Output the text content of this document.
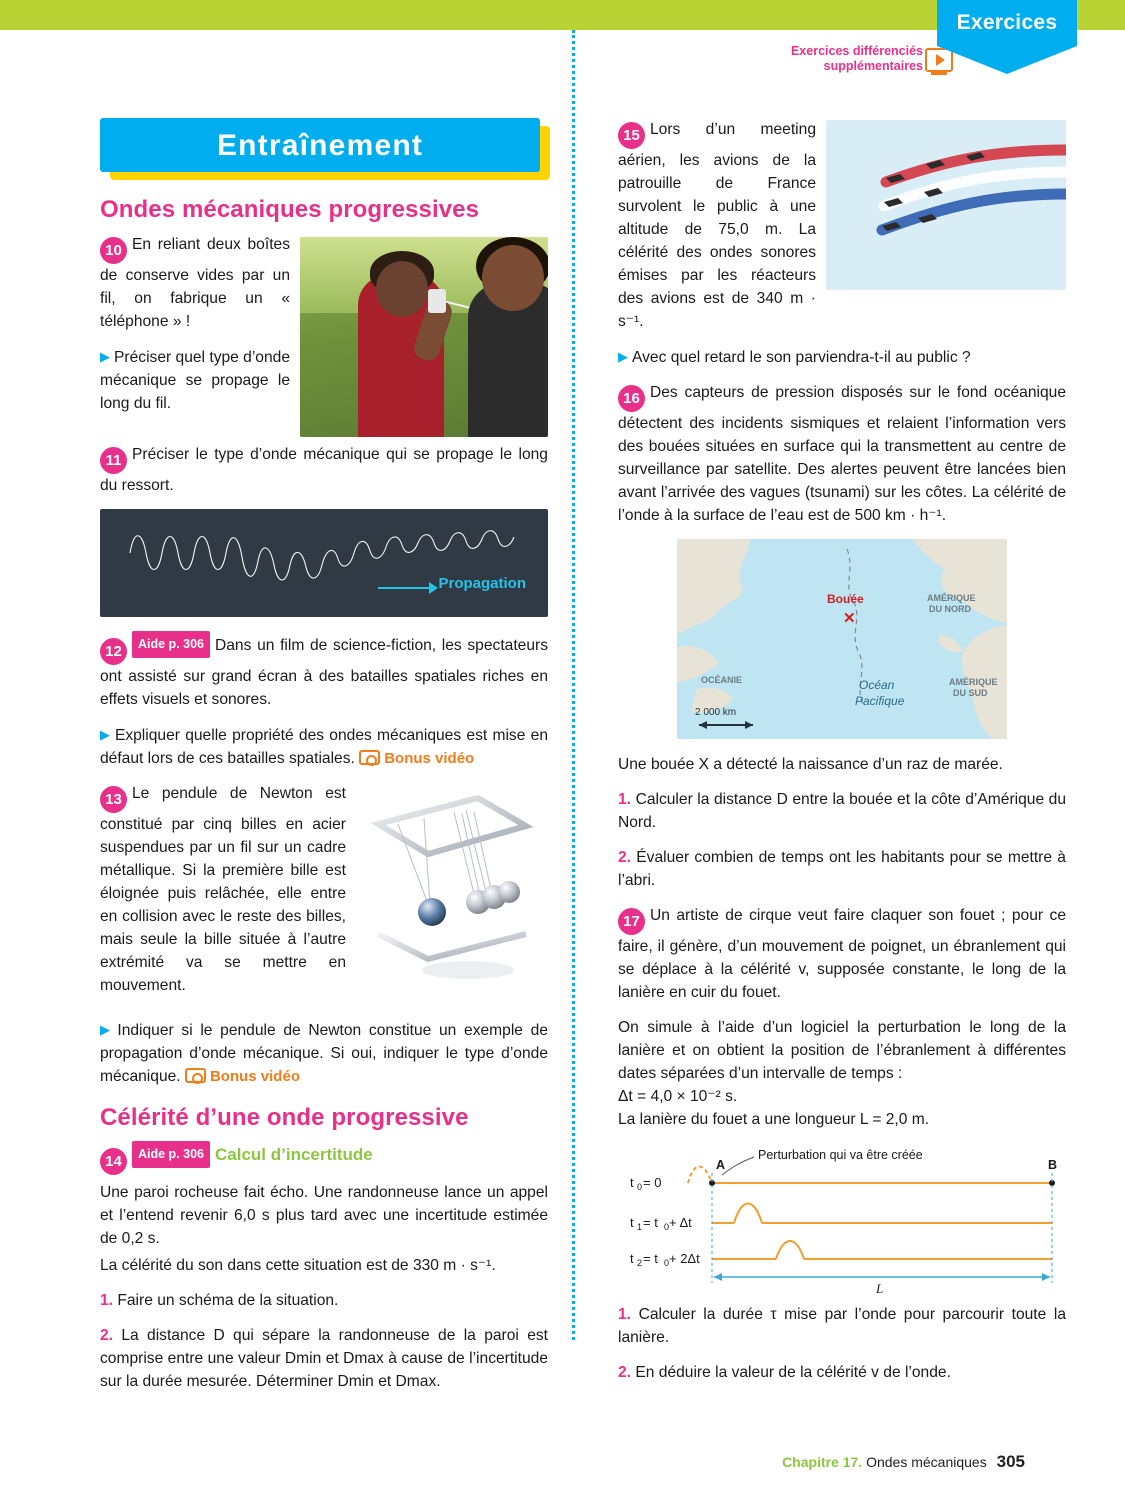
Exercices différenciés
supplémentaires
Exercices
Entraînement
Ondes mécaniques progressives

10 En reliant deux boîtes de conserve vides par un fil, on fabrique un « téléphone » !

▶ Préciser quel type d’onde mécanique se propage le long du fil.

11 Préciser le type d’onde mécanique qui se propage le long du ressort.

Propagation

12 Aide p. 306 Dans un film de science-fiction, les spectateurs ont assisté sur grand écran à des batailles spatiales riches en effets visuels et sonores.

▶ Expliquer quelle propriété des ondes mécaniques est mise en défaut lors de ces batailles spatiales. Bonus vidéo

13 Le pendule de Newton est constitué par cinq billes en acier suspendues par un fil sur un cadre métallique. Si la première bille est éloignée puis relâchée, elle entre en collision avec le reste des billes, mais seule la bille située à l’autre extrémité va se mettre en mouvement.

▶ Indiquer si le pendule de Newton constitue un exemple de propagation d’onde mécanique. Si oui, indiquer le type d’onde mécanique. Bonus vidéo

Célérité d’une onde progressive

14 Aide p. 306 Calcul d’incertitude

Une paroi rocheuse fait écho. Une randonneuse lance un appel et l’entend revenir 6,0 s plus tard avec une incertitude estimée de 0,2 s.

La célérité du son dans cette situation est de 330 m · s⁻¹.

1. Faire un schéma de la situation.

2. La distance D qui sépare la randonneuse de la paroi est comprise entre une valeur Dmin et Dmax à cause de l’incertitude sur la durée mesurée. Déterminer Dmin et Dmax.

15 Lors d’un meeting aérien, les avions de la patrouille de France survolent le public à une altitude de 75,0 m. La célérité des ondes sonores émises par les réacteurs des avions est de 340 m · s⁻¹.

▶ Avec quel retard le son parviendra-t-il au public ?

16 Des capteurs de pression disposés sur le fond océanique détectent des incidents sismiques et relaient l’information vers des bouées situées en surface qui la transmettent au centre de surveillance par satellite. Des alertes peuvent être lancées bien avant l’arrivée des vagues (tsunami) sur les côtes. La célérité de l’onde à la surface de l’eau est de 500 km · h⁻¹.

Bouée
✕
AMÉRIQUE
DU NORD
AMÉRIQUE
DU SUD
OCÉANIE	Océan
Pacifique
2 000 km

Une bouée X a détecté la naissance d’un raz de marée.

1. Calculer la distance D entre la bouée et la côte d’Amérique du Nord.

2. Évaluer combien de temps ont les habitants pour se mettre à l’abri.

17 Un artiste de cirque veut faire claquer son fouet ; pour ce faire, il génère, d’un mouvement de poignet, un ébranlement qui se déplace à la célérité v, supposée constante, le long de la lanière en cuir du fouet.

On simule à l’aide d’un logiciel la perturbation le long de la lanière et on obtient la position de l’ébranlement à différentes dates séparées d’un intervalle de temps :

Δt = 4,0 × 10⁻² s.

La lanière du fouet a une longueur L = 2,0 m.

Perturbation qui va être créée
t 0 = 0
t 1 = t 0 + Δt
t 2 = t 0 + 2Δt
A	B
L

1. Calculer la durée τ mise par l’onde pour parcourir toute la lanière.

2. En déduire la valeur de la célérité v de l’onde.

Chapitre 17. Ondes mécaniques 305
